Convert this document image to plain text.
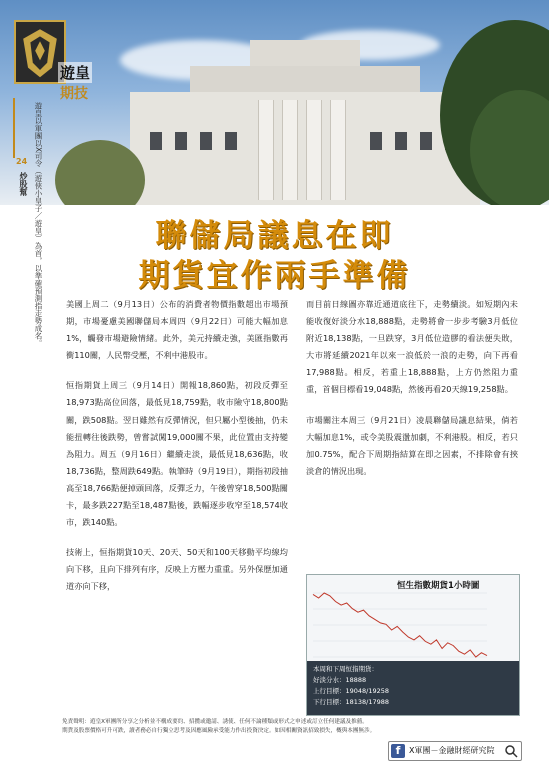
遊皇
期技
遊皇以軍團以X司令（遊俠小皇子／遊皇）為首，以準確預測指走勢成名。
24
炒股幫
聯儲局議息在即
期貨宜作兩手準備

美國上周二（9月13日）公布的消費者物價指數超出市場預期，市場憂慮美國聯儲局本周四（9月22日）可能大幅加息1%，觸發市場避險情緒。此外，美元持續走強，美匯指數再衝110關，人民幣受壓，不利中港股市。

恒指期貨上周三（9月14日）開報18,860點，初段反彈至18,973點高位回落，最低見18,759點，收市險守18,800點關，跌508點。翌日雖然有反彈情況，但只屬小型後抽，仍未能扭轉往後跌勢，曾嘗試闖19,000關不果，此位置由支持變為阻力。周五（9月16日）繼續走淡，最低見18,636點，收18,736點，整周跌649點。執筆時（9月19日），期指初段抽高至18,766點便掉頭回落，反彈乏力，午後曾穿18,500點關卡，最多跌227點至18,487點後，跌幅逐步收窄至18,574收市，跌140點。

技術上，恒指期貨10天、20天、50天和100天移動平均線均向下移，且向下排列有序，反映上方壓力重重。另外保歷加通道亦向下移，

而目前日線圖亦靠近通道底往下，走勢續淡。如短期內未能收復好淡分水18,888點，走勢將會一步步考驗3月低位附近18,138點，一旦跌穿，3月低位造膠的看法便失敗，大市將延續2021年以來一浪低於一浪的走勢，向下再看17,988點。相反，若重上18,888點，上方仍然阻力重重，首個目標看19,048點，然後再看20天線19,258點。

市場關注本周三（9月21日）凌晨聯儲局議息結果，倘若大幅加息1%，或令美股震盪加劇，不利港股。相反，若只加0.75%，配合下周期指結算在即之因素，不排除會有挾淡倉的情況出現。

恒生指數期貨1小時圖
本周和下周恒指期貨：
好淡分水：18888
上行目標：19048/19258
下行目標：18138/17988
免責聲明：遊皇X軍團所分享之分析並不構成要約、招攬或邀請、誘使、任何不論種類或形式之申述或訂立任何建議及推薦。
期貨及股票價格可升可跌，讀者務必自行獨立思考及因應風險承受能力作出投資決定。如因相關資訊招致損失，概與本團無涉。
f	X軍團－金融財經研究院
